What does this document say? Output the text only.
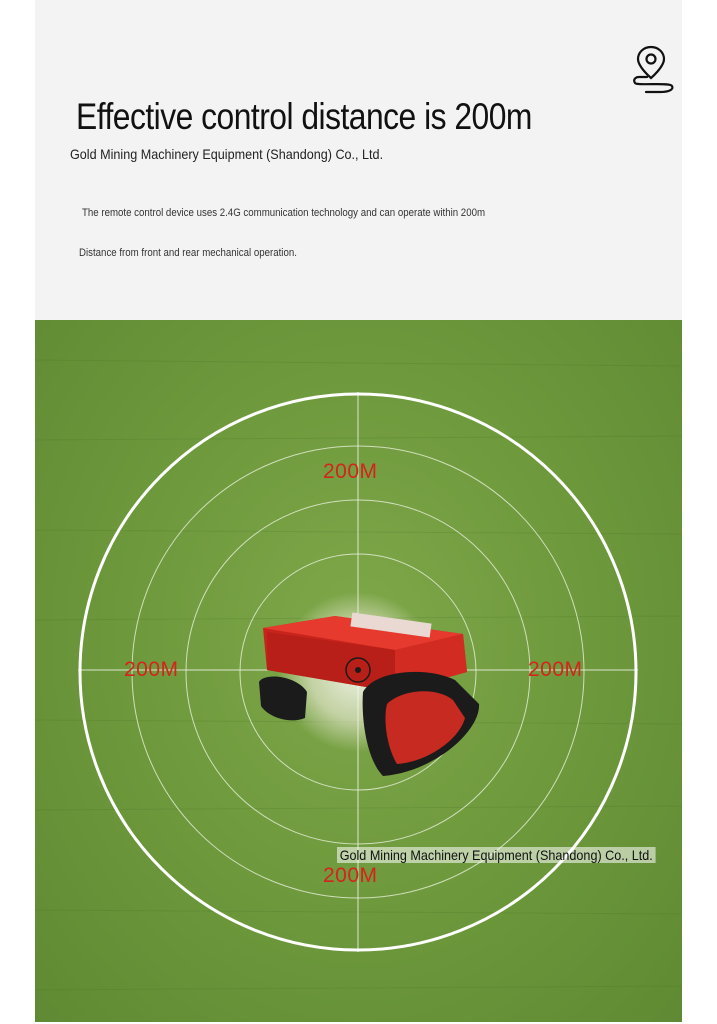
Effective control distance is 200m
Gold Mining Machinery Equipment (Shandong) Co., Ltd.
The remote control device uses 2.4G communication technology and can operate within 200m
Distance from front and rear mechanical operation.
200M
200M	200M
200M
Gold Mining Machinery Equipment (Shandong) Co., Ltd.
